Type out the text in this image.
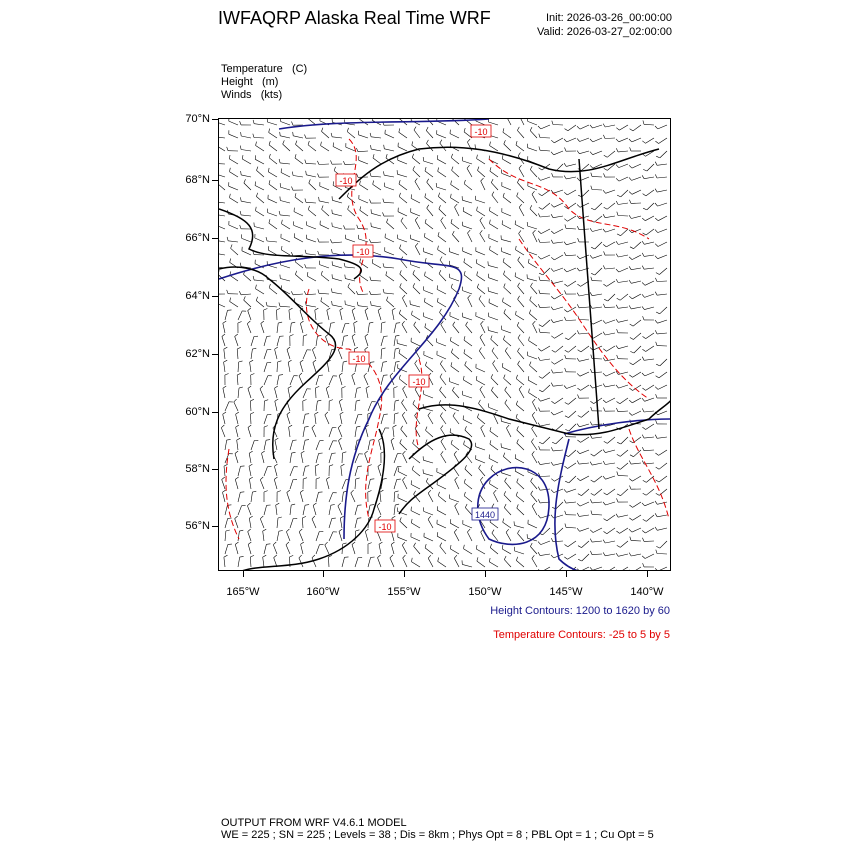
IWFAQRP Alaska Real Time WRF	Init: 2026-03-26_00:00:00
Valid: 2026-03-27_02:00:00
Temperature (C)
Height (m)
Winds (kts)
-10
-10
-10
-10
-10
-10
1440
70°N
68°N
66°N
64°N
62°N
60°N
58°N
56°N
165°W	160°W	155°W	150°W	145°W	140°W
Height Contours: 1200 to 1620 by 60
Temperature Contours: -25 to 5 by 5
OUTPUT FROM WRF V4.6.1 MODEL
WE = 225 ; SN = 225 ; Levels = 38 ; Dis = 8km ; Phys Opt = 8 ; PBL Opt = 1 ; Cu Opt = 5
